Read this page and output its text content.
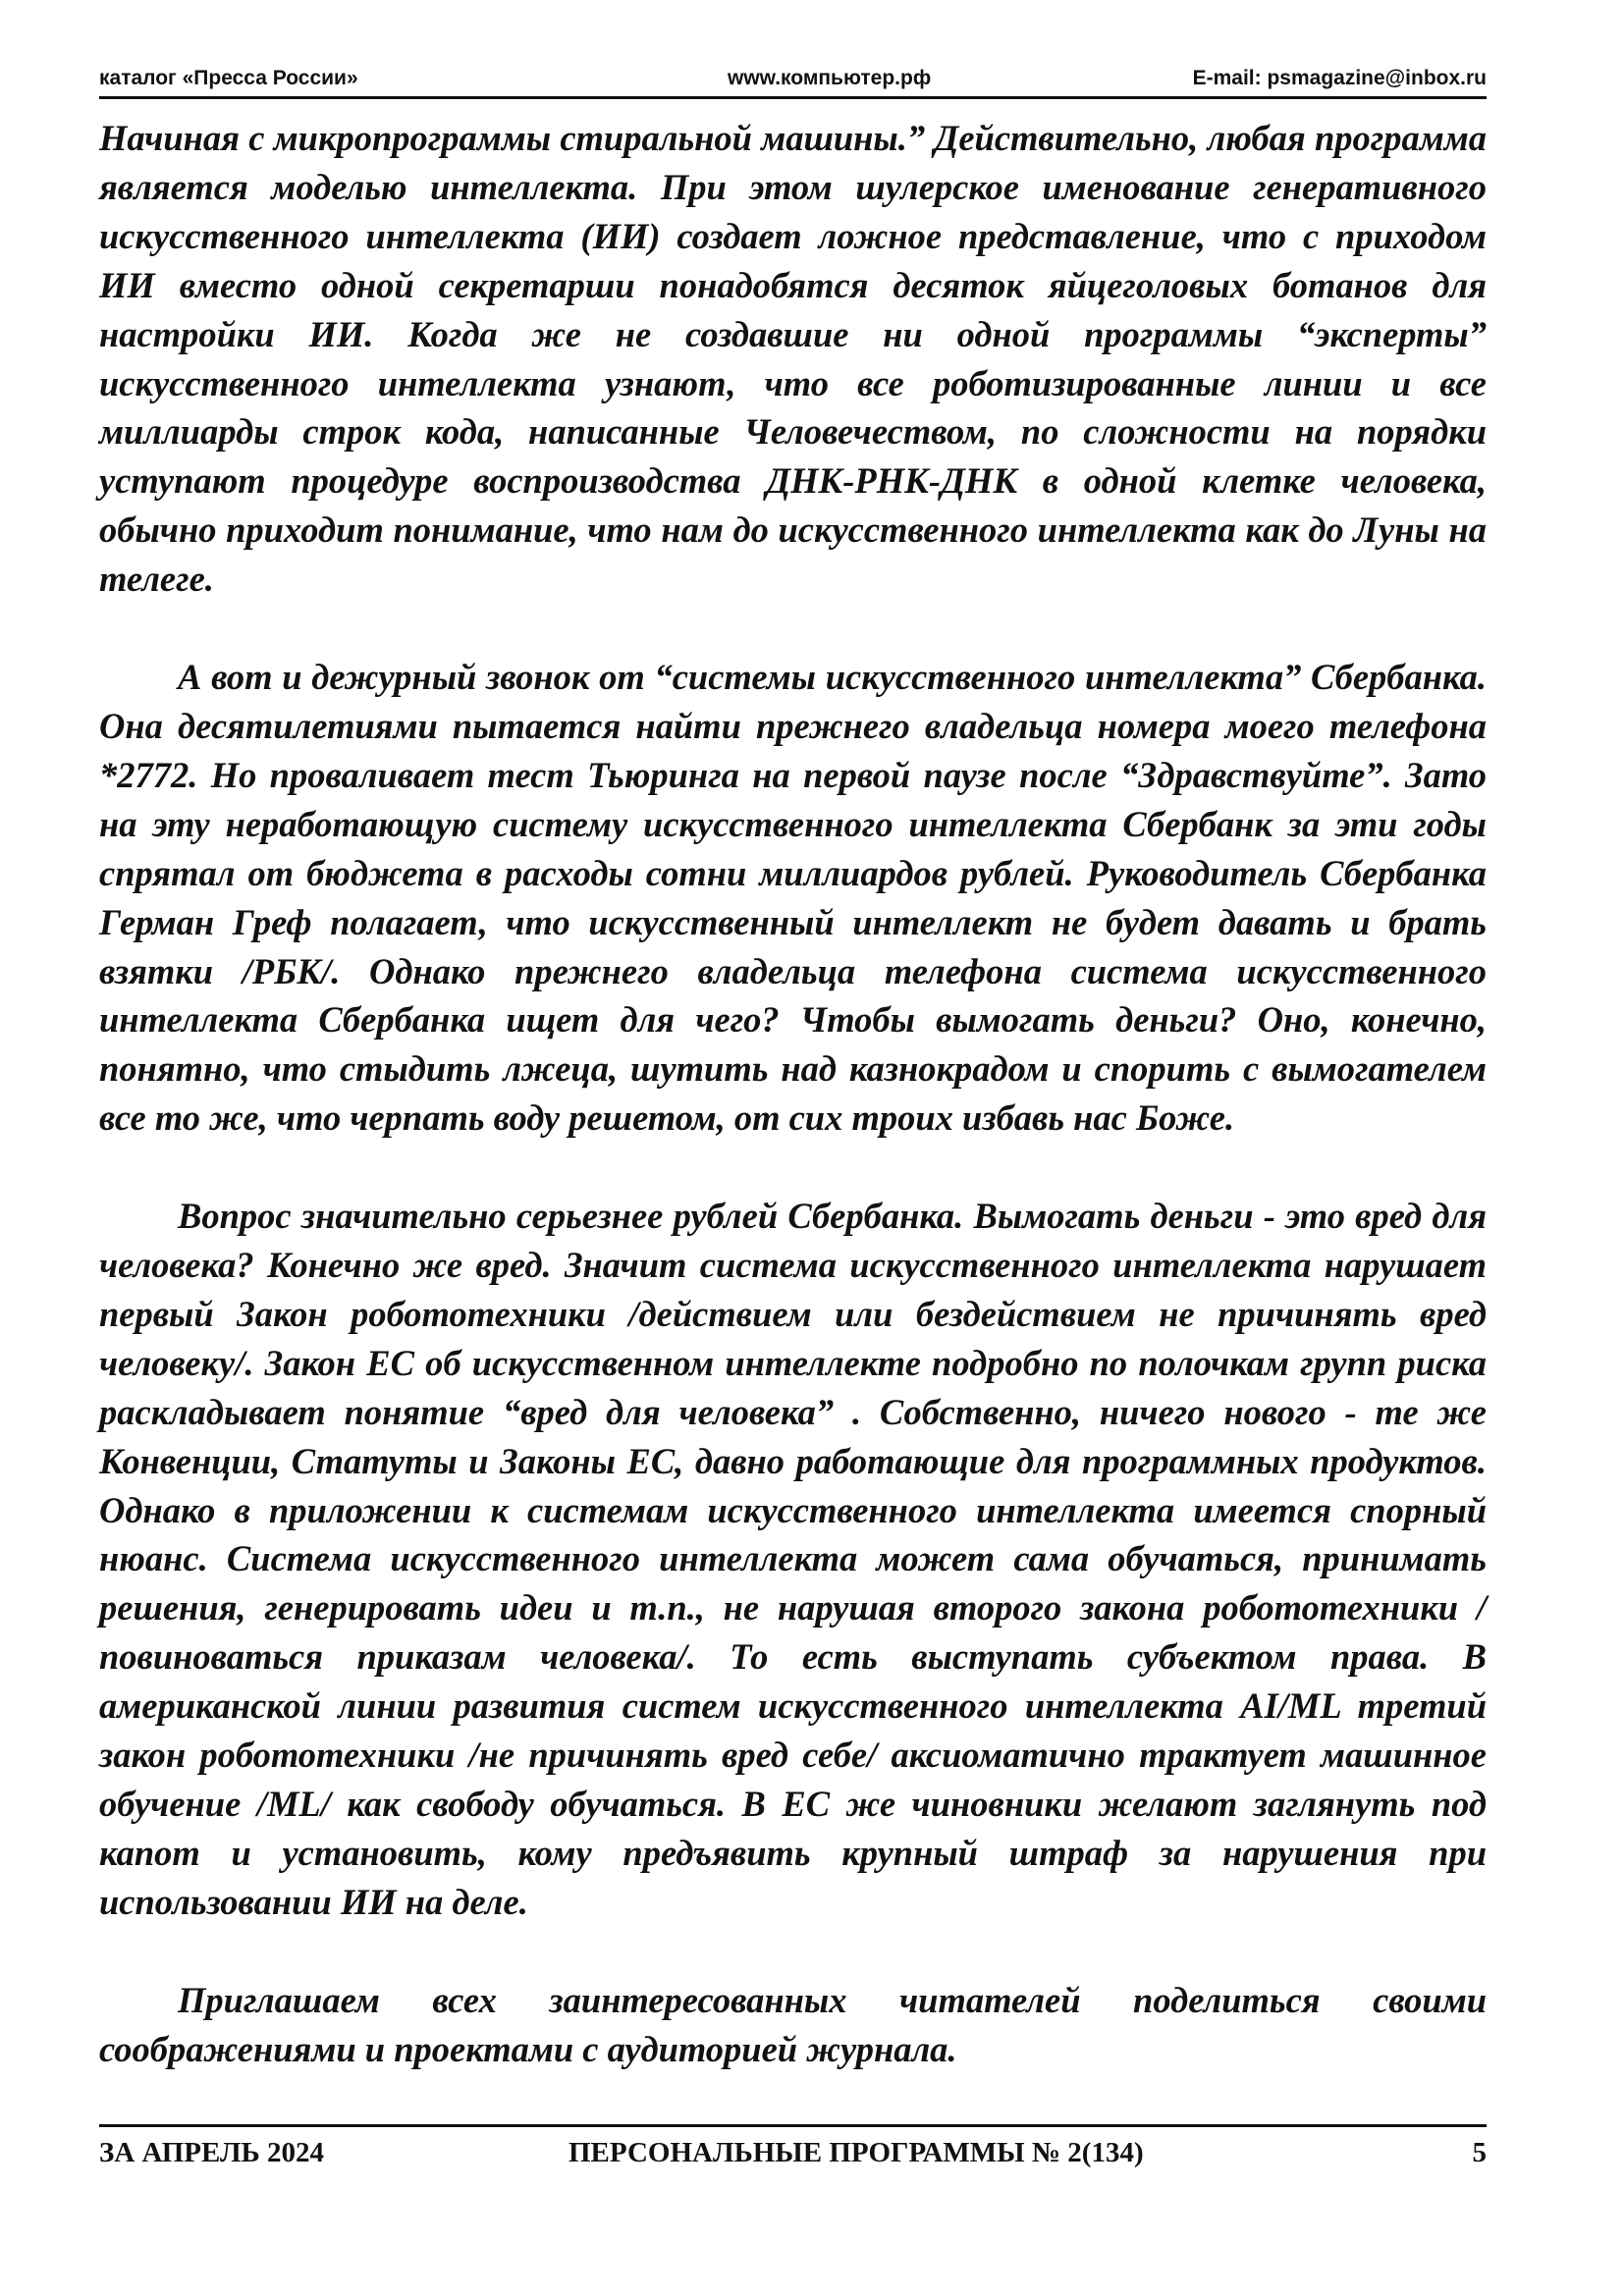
каталог «Пресса России»	www.компьютер.рф	E-mail: psmagazine@inbox.ru

Начиная с микропрограммы стиральной машины.” Действительно, любая программа является моделью интеллекта. При этом шулерское именование генеративного искусственного интеллекта (ИИ) создает ложное представление, что с приходом ИИ вместо одной секретарши понадобятся десяток яйцеголовых ботанов для настройки ИИ. Когда же не создавшие ни одной программы “эксперты” искусственного интеллекта узнают, что все роботизированные линии и все миллиарды строк кода, написанные Человечеством, по сложности на порядки уступают процедуре воспроизводства ДНК-РНК-ДНК в одной клетке человека, обычно приходит понимание, что нам до искусственного интеллекта как до Луны на телеге.

А вот и дежурный звонок от “системы искусственного интеллекта” Сбербанка. Она десятилетиями пытается найти прежнего владельца номера моего телефона *2772. Но проваливает тест Тьюринга на первой паузе после “Здравствуйте”. Зато на эту неработающую систему искусственного интеллекта Сбербанк за эти годы спрятал от бюджета в расходы сотни миллиардов рублей. Руководитель Сбербанка Герман Греф полагает, что искусственный интеллект не будет давать и брать взятки /РБК/. Однако прежнего владельца телефона система искусственного интеллекта Сбербанка ищет для чего? Чтобы вымогать деньги? Оно, конечно, понятно, что стыдить лжеца, шутить над казнокрадом и спорить с вымогателем все то же, что черпать воду решетом, от сих троих избавь нас Боже.

Вопрос значительно серьезнее рублей Сбербанка. Вымогать деньги - это вред для человека? Конечно же вред. Значит система искусственного интеллекта нарушает первый Закон робототехники /действием или бездействием не причинять вред человеку/. Закон ЕС об искусственном интеллекте подробно по полочкам групп риска раскладывает понятие “вред для человека” . Собственно, ничего нового - те же Конвенции, Статуты и Законы ЕС, давно работающие для программных продуктов. Однако в приложении к системам искусственного интеллекта имеется спорный нюанс. Система искусственного интеллекта может сама обучаться, принимать решения, генерировать идеи и т.п., не нарушая второго закона робототехники /повиноваться приказам человека/. То есть выступать субъектом права. В американской линии развития систем искусственного интеллекта AI/ML третий закон робототехники /не причинять вред себе/ аксиоматично трактует машинное обучение /ML/ как свободу обучаться. В ЕС же чиновники желают заглянуть под капот и установить, кому предъявить крупный штраф за нарушения при использовании ИИ на деле.

Приглашаем всех заинтересованных читателей поделиться своими соображениями и проектами с аудиторией журнала.

ЗА АПРЕЛЬ 2024	ПЕРСОНАЛЬНЫЕ ПРОГРАММЫ № 2(134)	5
